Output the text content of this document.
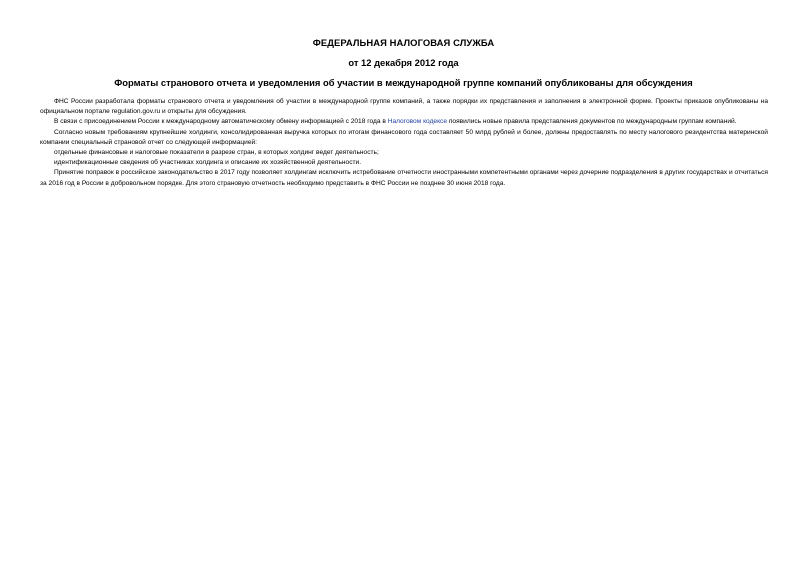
ФЕДЕРАЛЬНАЯ НАЛОГОВАЯ СЛУЖБА
от 12 декабря 2012 года
Форматы странового отчета и уведомления об участии в международной группе компаний опубликованы для обсуждения

ФНС России разработала форматы странового отчета и уведомления об участии в международной группе компаний, а также порядки их представления и заполнения в электронной форме. Проекты приказов опубликованы на официальном портале regulation.gov.ru и открыты для обсуждения.

В связи с присоединением России к международному автоматическому обмену информацией с 2018 года в Налоговом кодексе появились новые правила представления документов по международным группам компаний.

Согласно новым требованиям крупнейшие холдинги, консолидированная выручка которых по итогам финансового года составляет 50 млрд рублей и более, должны предоставлять по месту налогового резидентства материнской компании специальный страновой отчет со следующей информацией:

отдельные финансовые и налоговые показатели в разрезе стран, в которых холдинг ведет деятельность;

идентификационные сведения об участниках холдинга и описание их хозяйственной деятельности.

Принятие поправок в российское законодательство в 2017 году позволяет холдингам исключить истребование отчетности иностранными компетентными органами через дочерние подразделения в других государствах и отчитаться за 2016 год в России в добровольном порядке. Для этого страновую отчетность необходимо представить в ФНС России не позднее 30 июня 2018 года.
